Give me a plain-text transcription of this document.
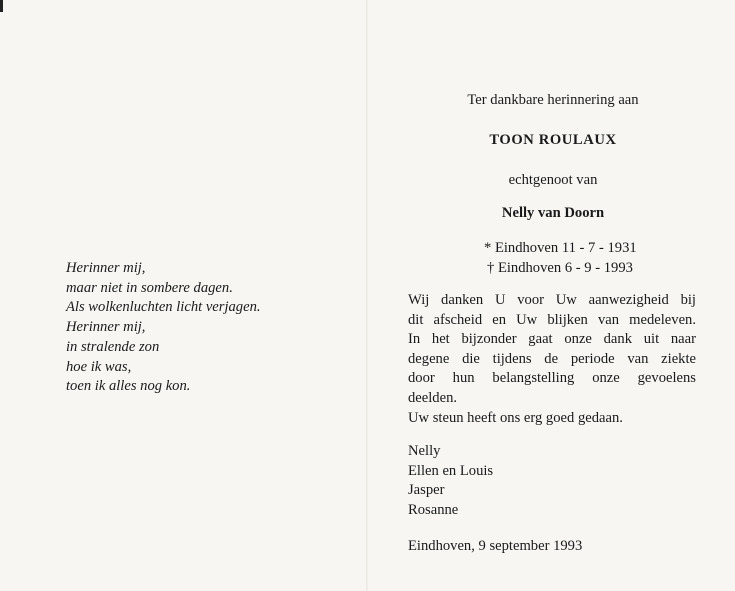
Herinner mij,
maar niet in sombere dagen.
Als wolkenluchten licht verjagen.
Herinner mij,
in stralende zon
hoe ik was,
toen ik alles nog kon.
Ter dankbare herinnering aan
TOON ROULAUX
echtgenoot van
Nelly van Doorn
* Eindhoven 11 - 7 - 1931
† Eindhoven 6 - 9 - 1993
Wij danken U voor Uw aanwezigheid bij
dit afscheid en Uw blijken van medeleven.
In het bijzonder gaat onze dank uit naar
degene die tijdens de periode van ziekte
door hun belangstelling onze gevoelens
deelden.
Uw steun heeft ons erg goed gedaan.
Nelly
Ellen en Louis
Jasper
Rosanne
Eindhoven, 9 september 1993
